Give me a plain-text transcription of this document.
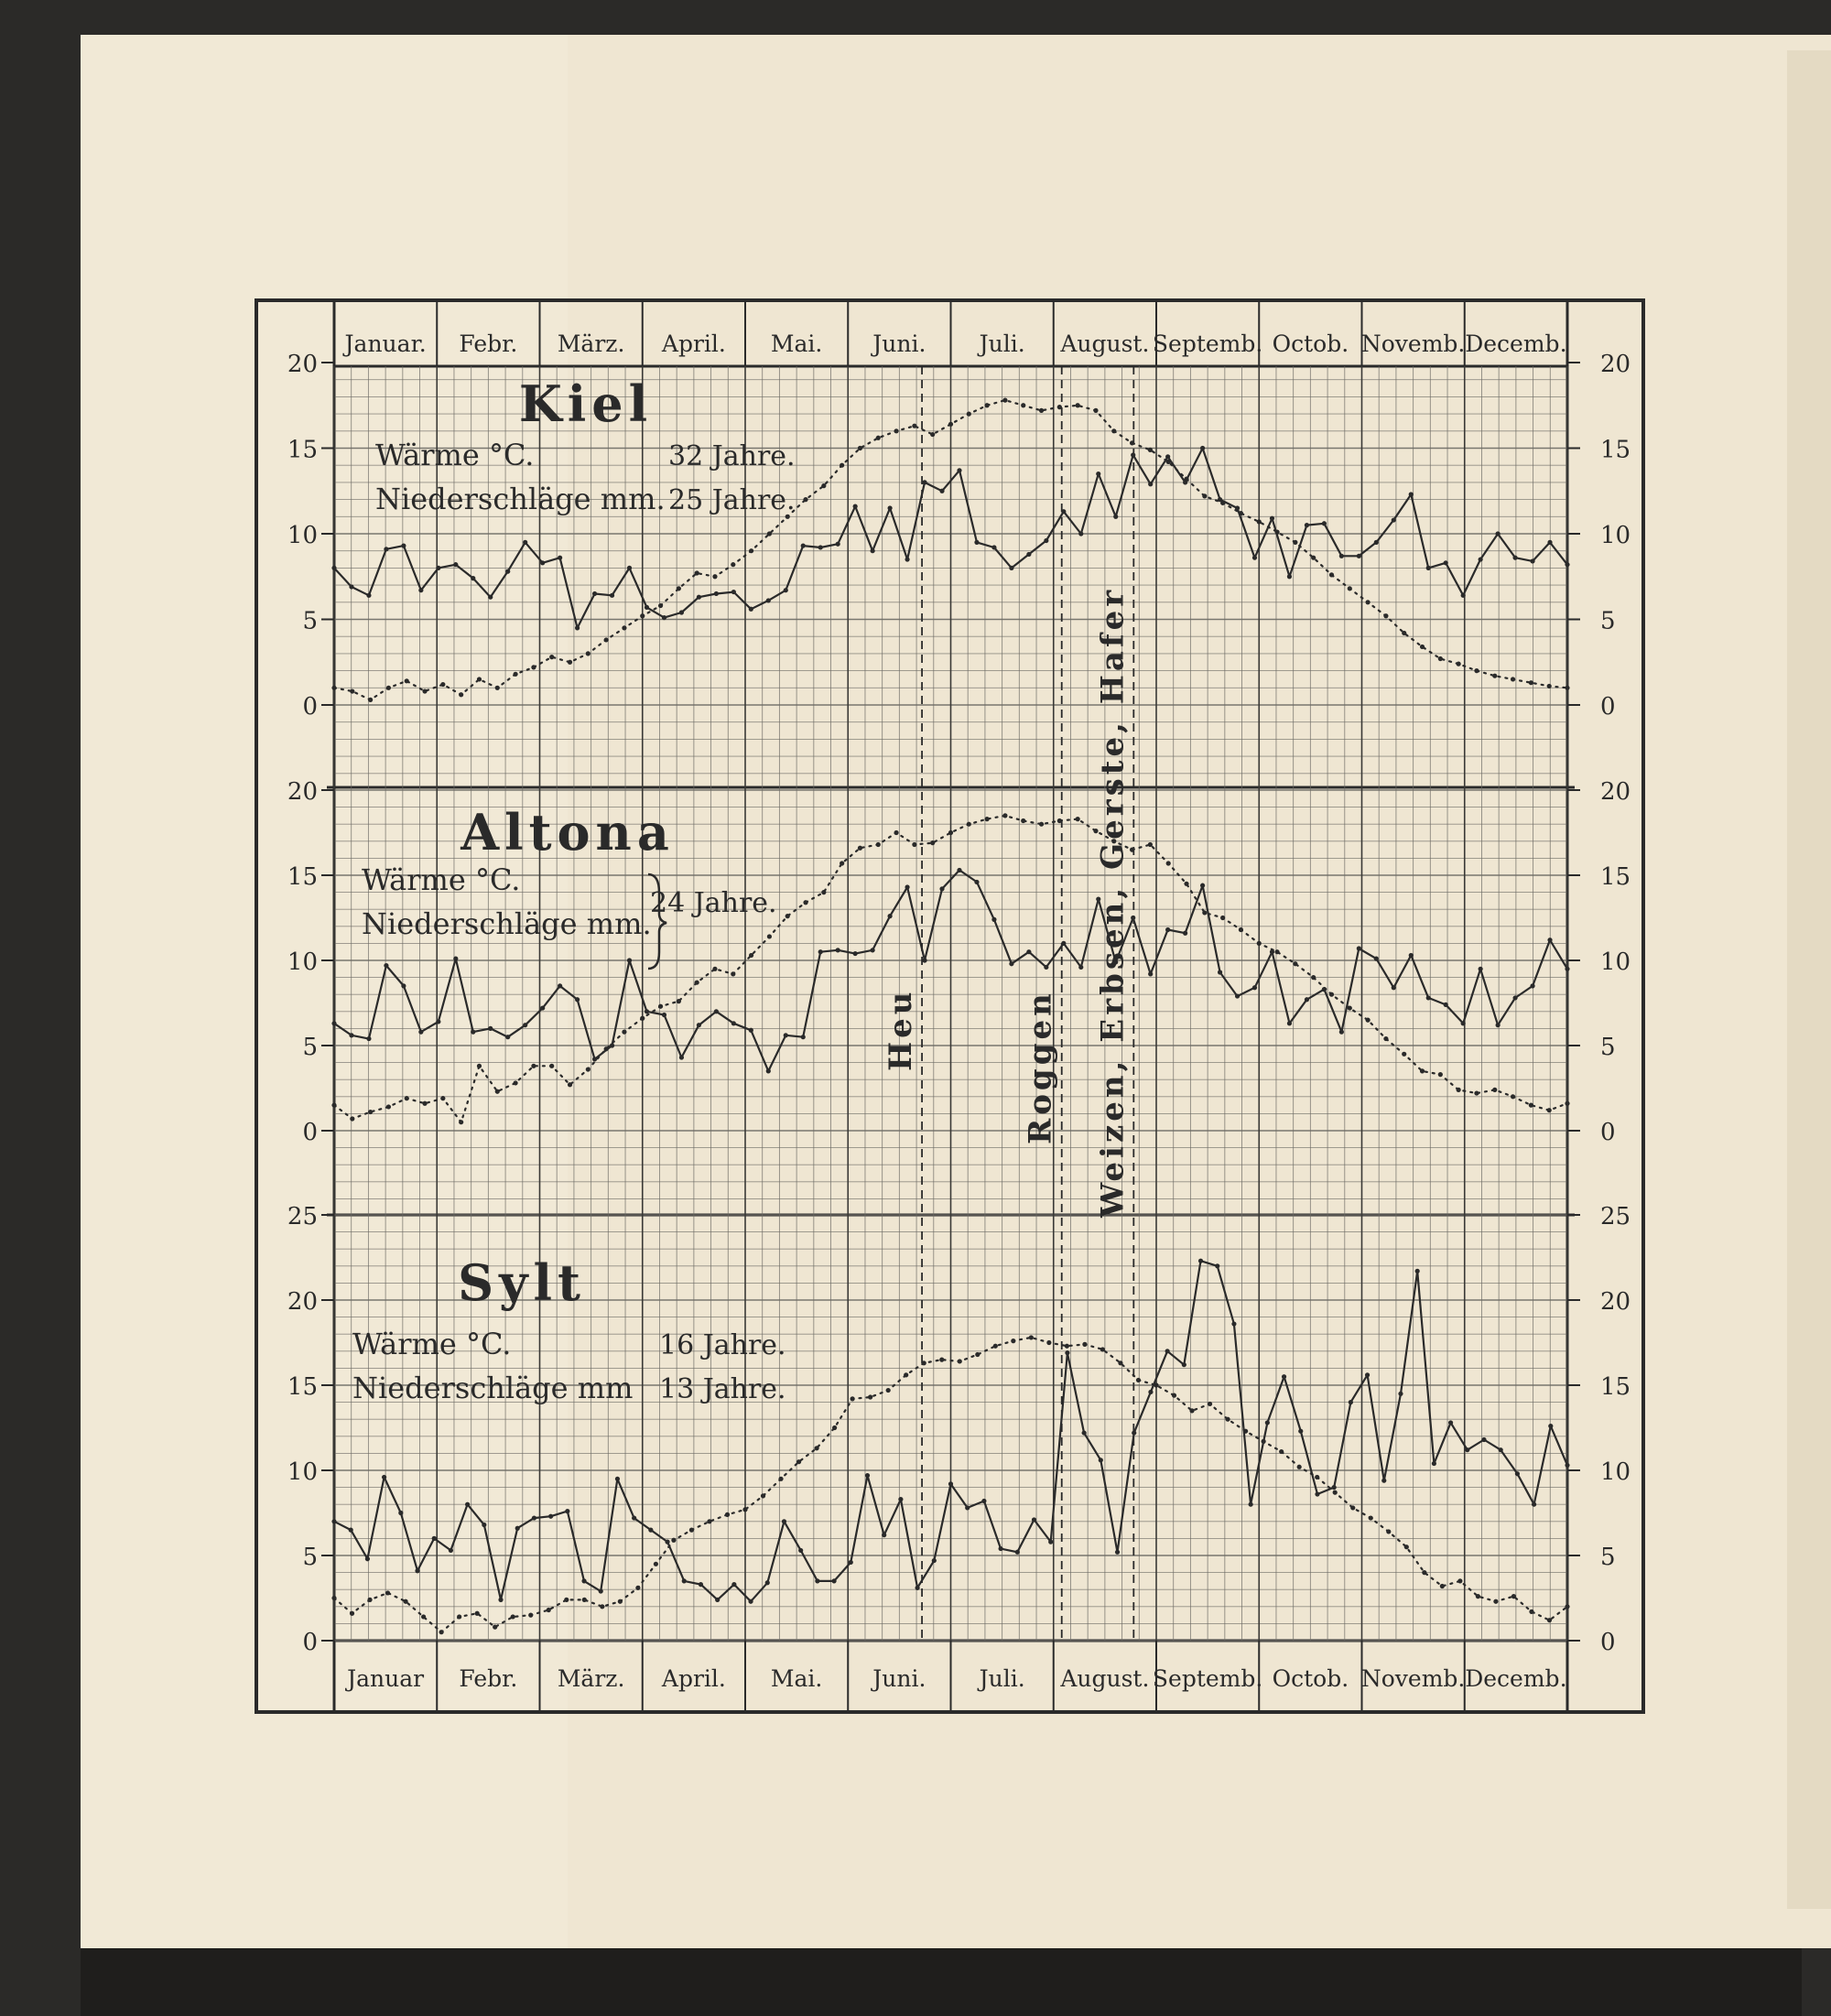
Januar. Febr. März. April. Mai. Juni. Juli. August. Septemb. Octob. Novemb. Decemb.
Januar Febr. März. April. Mai. Juni. Juli. August. Septemb. Octob. Novemb. Decemb.
Heu	Roggen Weizen, Erbsen, Gerste, Hafer
20	20
15	15
10	10
5	5
0	0
Kiel
Wärme °C.
Niederschläge mm.
32 Jahre.
25 Jahre.
20	20
15	15
10	10
5	5
0	0
Altona
Wärme °C.
Niederschläge mm.
24 Jahre.
25	25
20	20
15	15
10	10
5	5
0	0
Sylt
Wärme °C.
Niederschläge mm
16 Jahre.
13 Jahre.
